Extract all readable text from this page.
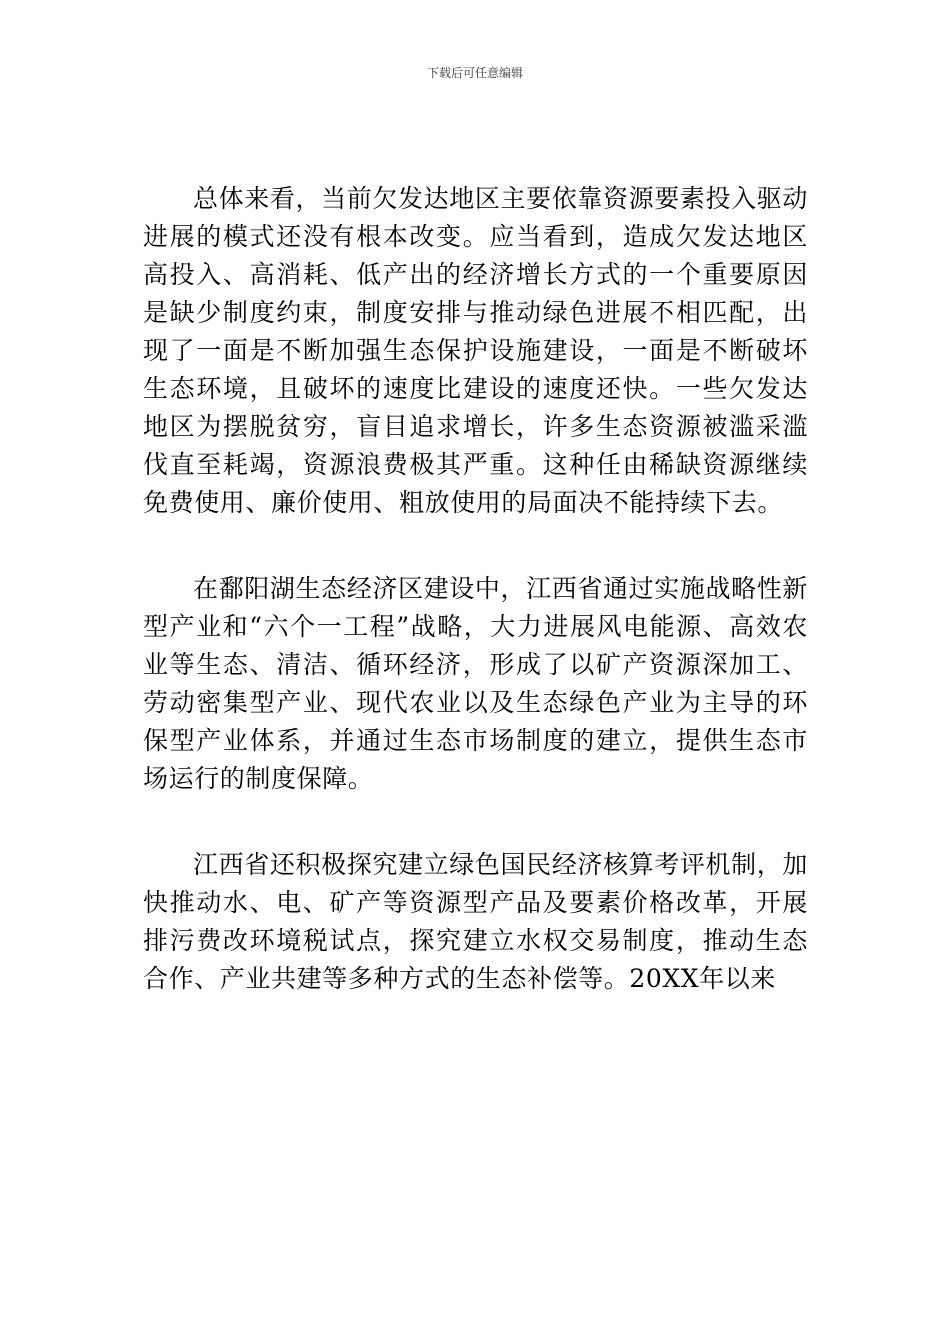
下载后可任意编辑

总体来看，当前欠发达地区主要依靠资源要素投入驱动进展的模式还没有根本改变。应当看到，造成欠发达地区高投入、高消耗、低产出的经济增长方式的一个重要原因是缺少制度约束，制度安排与推动绿色进展不相匹配，出现了一面是不断加强生态保护设施建设，一面是不断破坏生态环境，且破坏的速度比建设的速度还快。一些欠发达地区为摆脱贫穷，盲目追求增长，许多生态资源被滥采滥伐直至耗竭，资源浪费极其严重。这种任由稀缺资源继续免费使用、廉价使用、粗放使用的局面决不能持续下去。

在鄱阳湖生态经济区建设中，江西省通过实施战略性新型产业和“六个一工程”战略，大力进展风电能源、高效农业等生态、清洁、循环经济，形成了以矿产资源深加工、劳动密集型产业、现代农业以及生态绿色产业为主导的环保型产业体系，并通过生态市场制度的建立，提供生态市场运行的制度保障。

江西省还积极探究建立绿色国民经济核算考评机制，加快推动水、电、矿产等资源型产品及要素价格改革，开展排污费改环境税试点，探究建立水权交易制度，推动生态合作、产业共建等多种方式的生态补偿等。20XX年以来
